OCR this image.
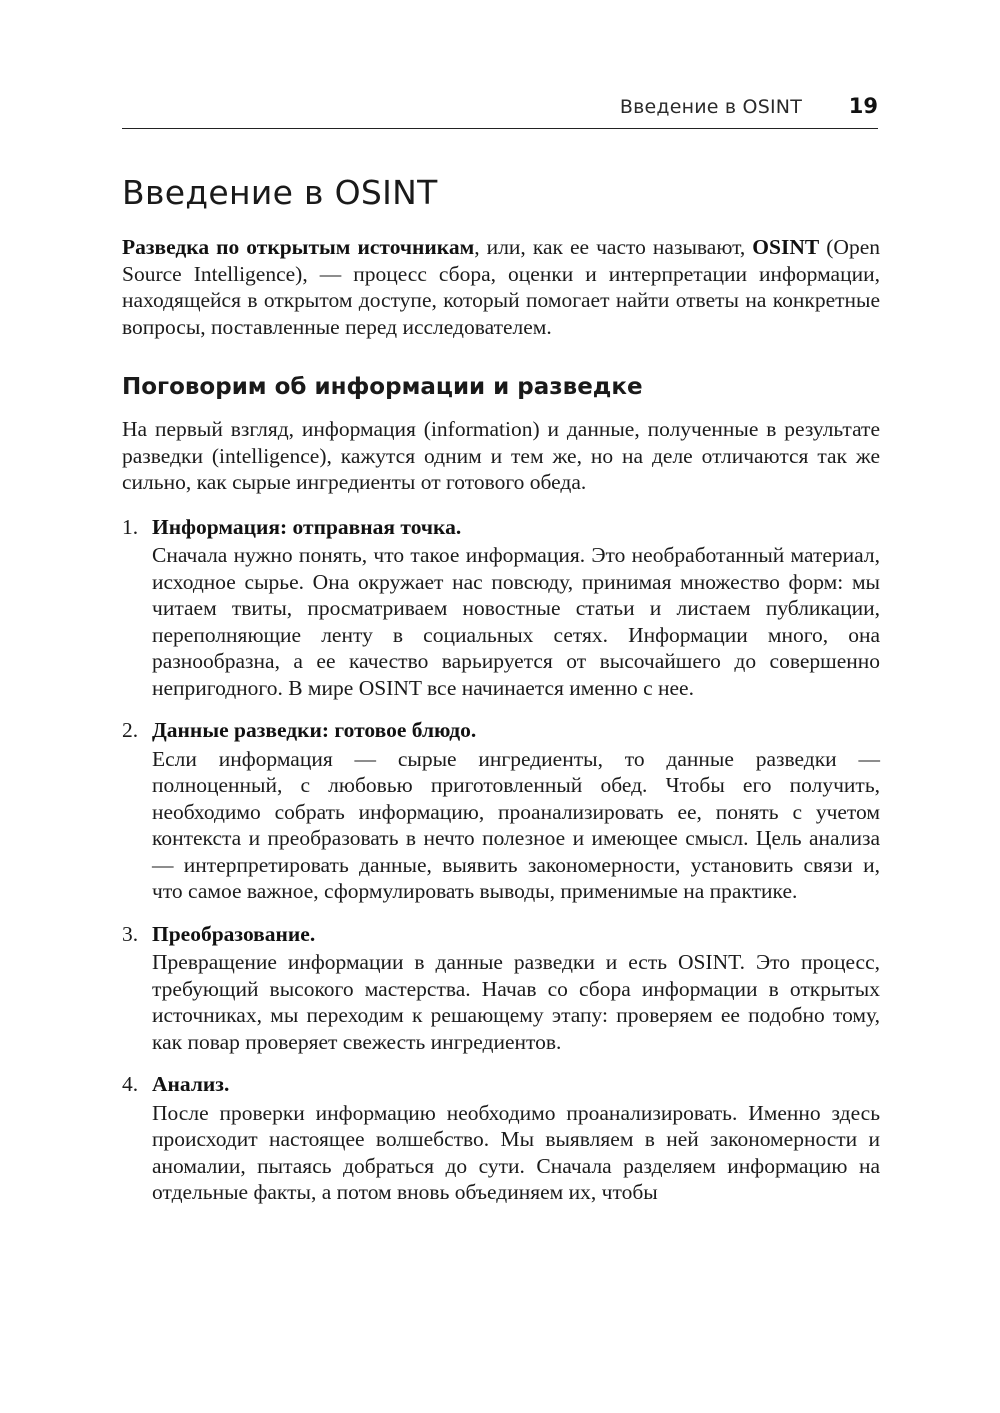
Введение в OSINT 19
Введение в OSINT

Разведка по открытым источникам, или, как ее часто называют, OSINT (Open Source Intelligence), — процесс сбора, оценки и интерпретации информации, находящейся в открытом доступе, который помогает найти ответы на конкретные вопросы, поставленные перед исследователем.

Поговорим об информации и разведке

На первый взгляд, информация (information) и данные, полученные в результате разведки (intelligence), кажутся одним и тем же, но на деле отличаются так же сильно, как сырые ингредиенты от готового обеда.

1. Информация: отправная точка.

Сначала нужно понять, что такое информация. Это необработанный материал, исходное сырье. Она окружает нас повсюду, принимая множество форм: мы читаем твиты, просматриваем новостные статьи и листаем публикации, переполняющие ленту в социальных сетях. Информации много, она разнообразна, а ее качество варьируется от высочайшего до совершенно непригодного. В мире OSINT все начинается именно с нее.

2. Данные разведки: готовое блюдо.

Если информация — сырые ингредиенты, то данные разведки — полноценный, с любовью приготовленный обед. Чтобы его получить, необходимо собрать информацию, проанализировать ее, понять с учетом контекста и преобразовать в нечто полезное и имеющее смысл. Цель анализа — интерпретировать данные, выявить закономерности, установить связи и, что самое важное, сформулировать выводы, применимые на практике.

3. Преобразование.

Превращение информации в данные разведки и есть OSINT. Это процесс, требующий высокого мастерства. Начав со сбора информации в открытых источниках, мы переходим к решающему этапу: проверяем ее подобно тому, как повар проверяет свежесть ингредиентов.

4. Анализ.

После проверки информацию необходимо проанализировать. Именно здесь происходит настоящее волшебство. Мы выявляем в ней закономерности и аномалии, пытаясь добраться до сути. Сначала разделяем информацию на отдельные факты, а потом вновь объединяем их, чтобы
